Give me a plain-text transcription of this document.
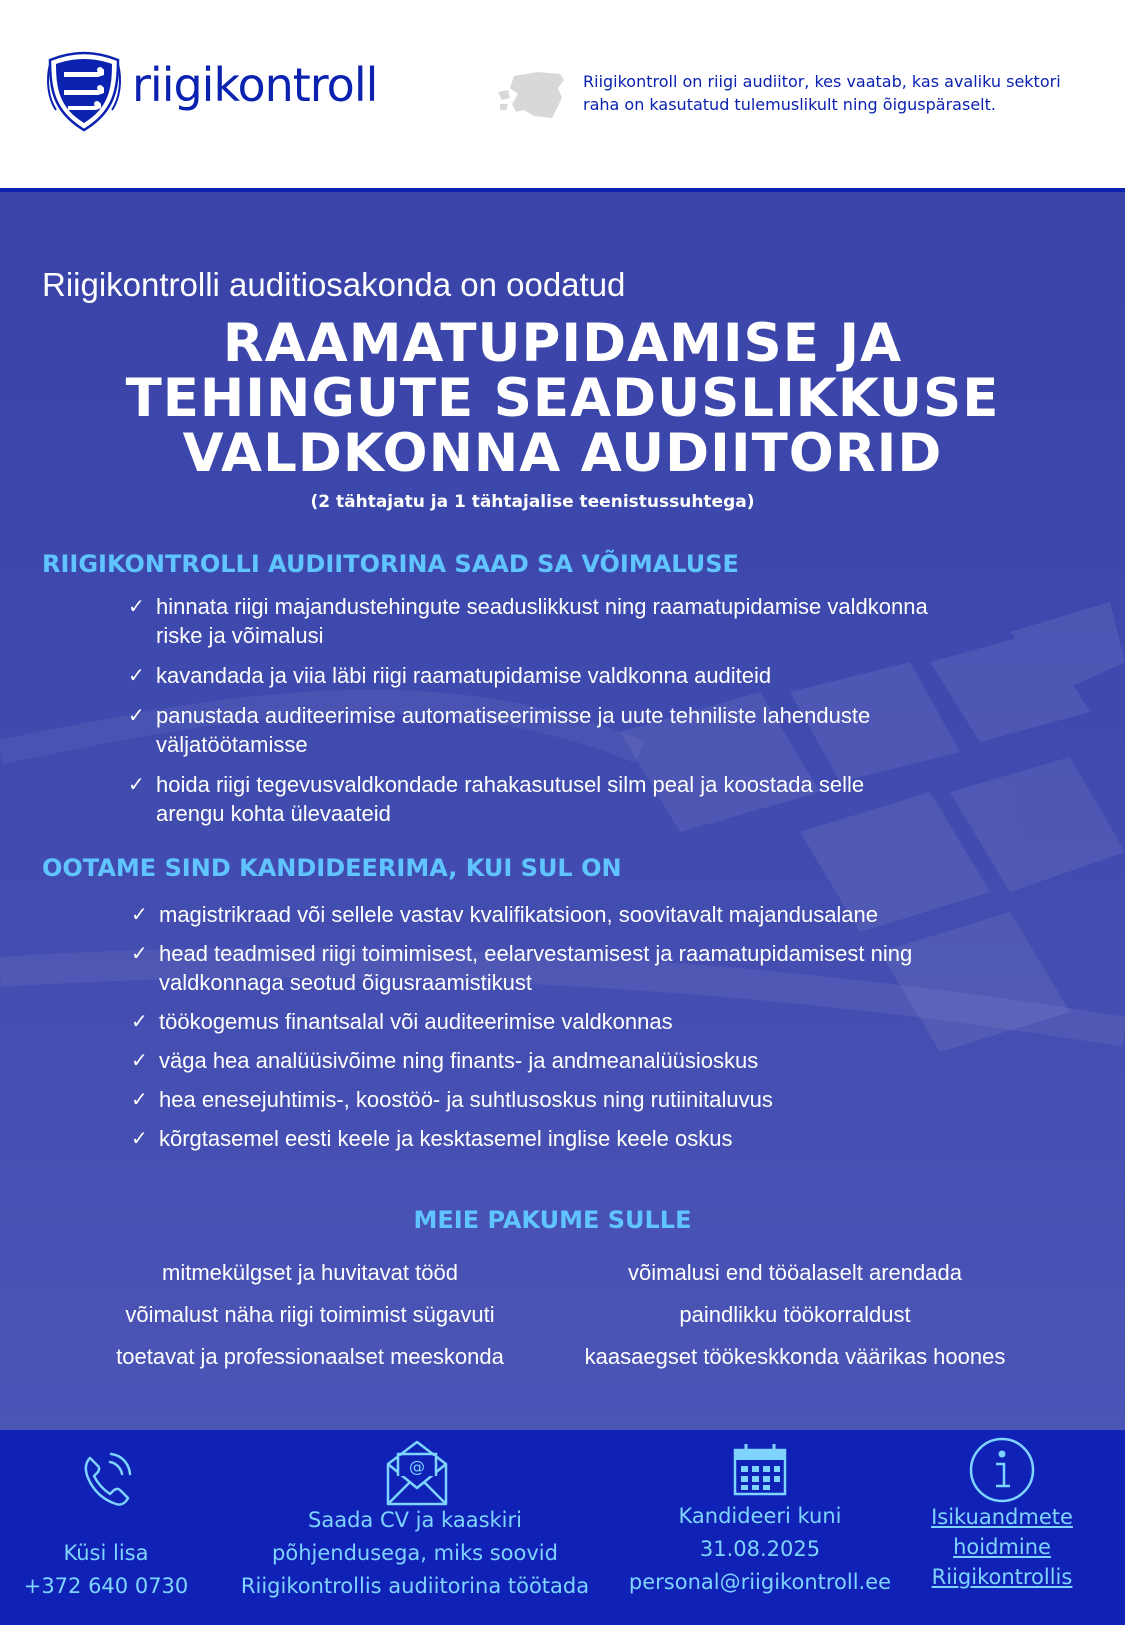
riigikontroll	Riigikontroll on riigi audiitor, kes vaatab, kas avaliku sektori raha on kasutatud tulemuslikult ning õiguspäraselt.
Riigikontrolli auditiosakonda on oodatud
RAAMATUPIDAMISE JA
TEHINGUTE SEADUSLIKKUSE
VALDKONNA AUDIITORID
(2 tähtajatu ja 1 tähtajalise teenistussuhtega)
RIIGIKONTROLLI AUDIITORINA SAAD SA VÕIMALUSE
✓ hinnata riigi majandustehingute seaduslikkust ning raamatupidamise valdkonna
riske ja võimalusi
✓ kavandada ja viia läbi riigi raamatupidamise valdkonna auditeid
✓ panustada auditeerimise automatiseerimisse ja uute tehniliste lahenduste
väljatöötamisse
✓ hoida riigi tegevusvaldkondade rahakasutusel silm peal ja koostada selle
arengu kohta ülevaateid
OOTAME SIND KANDIDEERIMA, KUI SUL ON
✓ magistrikraad või sellele vastav kvalifikatsioon, soovitavalt majandusalane
✓ head teadmised riigi toimimisest, eelarvestamisest ja raamatupidamisest ning
valdkonnaga seotud õigusraamistikust
✓ töökogemus finantsalal või auditeerimise valdkonnas
✓ väga hea analüüsivõime ning finants- ja andmeanalüüsioskus
✓ hea enesejuhtimis-, koostöö- ja suhtlusoskus ning rutiinitaluvus
✓ kõrgtasemel eesti keele ja kesktasemel inglise keele oskus
MEIE PAKUME SULLE
mitmekülgset ja huvitavat tööd
võimalust näha riigi toimimist sügavuti
toetavat ja professionaalset meeskonda
võimalusi end tööalaselt arendada
paindlikku töökorraldust
kaasaegset töökeskkonda väärikas hoones
Küsi lisa
+372 640 0730
@
Saada CV ja kaaskiri
põhjendusega, miks soovid
Riigikontrollis audiitorina töötada
Kandideeri kuni
31.08.2025
personal@riigikontroll.ee
Isikuandmete
hoidmine
Riigikontrollis
